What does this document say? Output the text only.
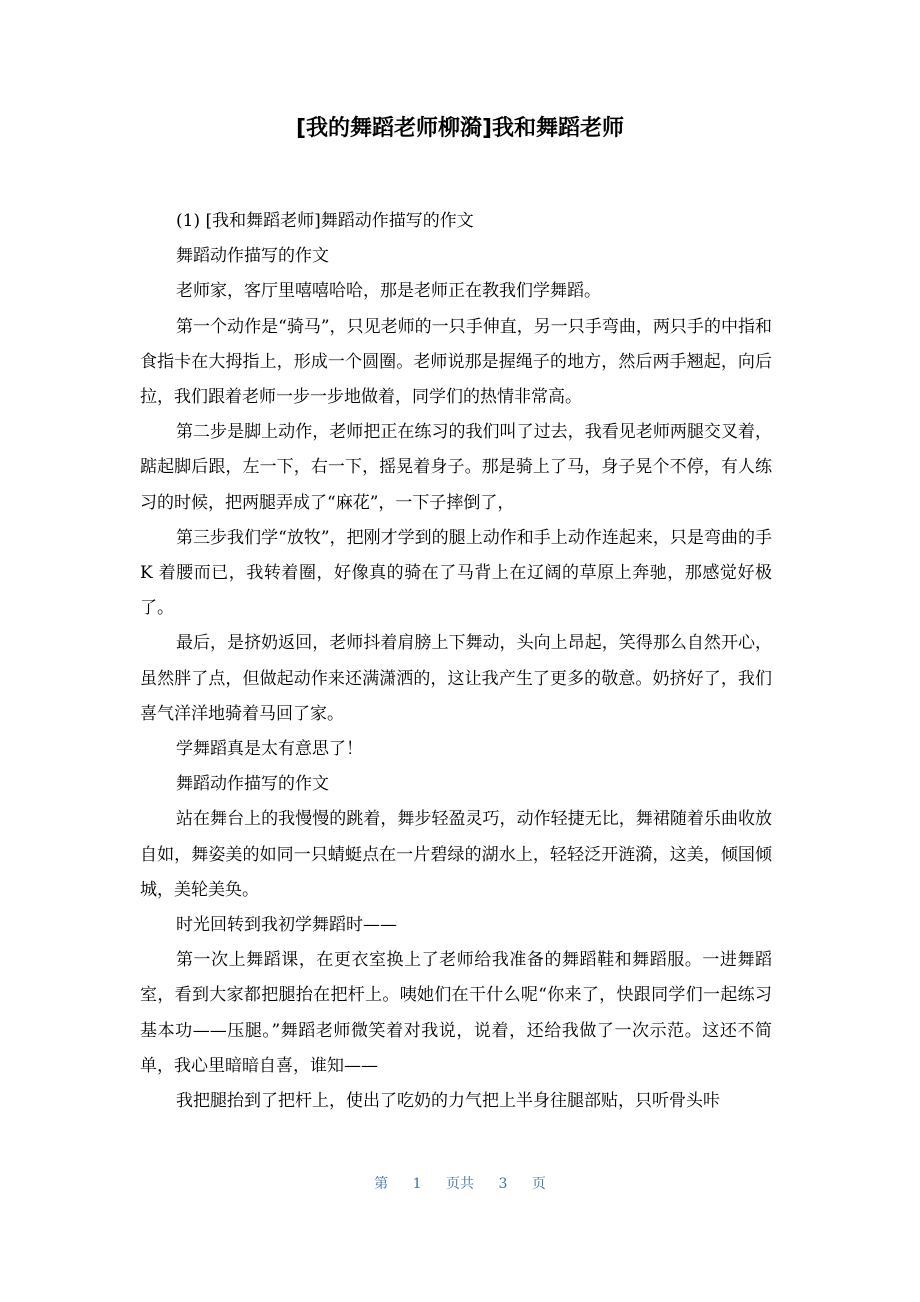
[我的舞蹈老师柳漪]我和舞蹈老师

(1) [我和舞蹈老师]舞蹈动作描写的作文

舞蹈动作描写的作文

老师家，客厅里嘻嘻哈哈，那是老师正在教我们学舞蹈。

第一个动作是“骑马”，只见老师的一只手伸直，另一只手弯曲，两只手的中指和食指卡在大拇指上，形成一个圆圈。老师说那是握绳子的地方，然后两手翘起，向后拉，我们跟着老师一步一步地做着，同学们的热情非常高。

第二步是脚上动作，老师把正在练习的我们叫了过去，我看见老师两腿交叉着，踮起脚后跟，左一下，右一下，摇晃着身子。那是骑上了马，身子晃个不停，有人练习的时候，把两腿弄成了“麻花”，一下子摔倒了，

第三步我们学“放牧”，把刚才学到的腿上动作和手上动作连起来，只是弯曲的手 K 着腰而已，我转着圈，好像真的骑在了马背上在辽阔的草原上奔驰，那感觉好极了。

最后，是挤奶返回，老师抖着肩膀上下舞动，头向上昂起，笑得那么自然开心，虽然胖了点，但做起动作来还满潇洒的，这让我产生了更多的敬意。奶挤好了，我们喜气洋洋地骑着马回了家。

学舞蹈真是太有意思了！

舞蹈动作描写的作文

站在舞台上的我慢慢的跳着，舞步轻盈灵巧，动作轻捷无比，舞裙随着乐曲收放自如，舞姿美的如同一只蜻蜓点在一片碧绿的湖水上，轻轻泛开涟漪，这美，倾国倾城，美轮美奂。

时光回转到我初学舞蹈时——

第一次上舞蹈课，在更衣室换上了老师给我准备的舞蹈鞋和舞蹈服。一进舞蹈室，看到大家都把腿抬在把杆上。咦她们在干什么呢“你来了，快跟同学们一起练习基本功——压腿。”舞蹈老师微笑着对我说，说着，还给我做了一次示范。这还不简单，我心里暗暗自喜，谁知——

我把腿抬到了把杆上，使出了吃奶的力气把上半身往腿部贴，只听骨头咔

第 1 页共 3 页
